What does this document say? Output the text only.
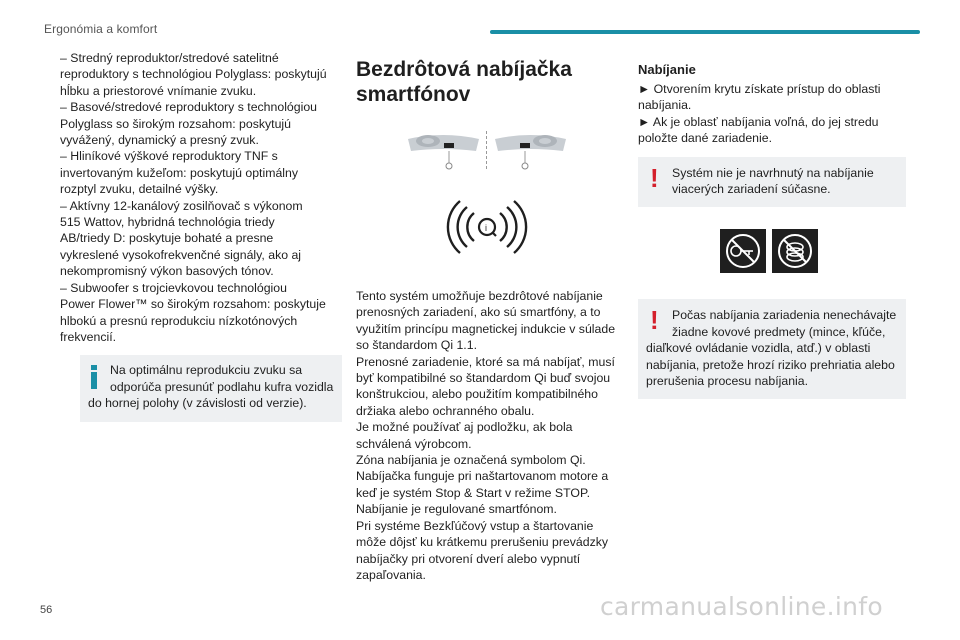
Ergonómia a komfort

– Stredný reproduktor/stredové satelitné
reproduktory s technológiou Polyglass: poskytujú
hĺbku a priestorové vnímanie zvuku.
– Basové/stredové reproduktory s technológiou
Polyglass so širokým rozsahom: poskytujú
vyvážený, dynamický a presný zvuk.
– Hliníkové výškové reproduktory TNF s
invertovaným kužeľom: poskytujú optimálny
rozptyl zvuku, detailné výšky.
– Aktívny 12-kanálový zosilňovač s výkonom
515 Wattov, hybridná technológia triedy
AB/triedy D: poskytuje bohaté a presne
vykreslené vysokofrekvenčné signály, ako aj
nekompromisný výkon basových tónov.
– Subwoofer s trojcievkovou technológiou
Power Flower™ so širokým rozsahom: poskytuje
hlbokú a presnú reprodukciu nízkotónových
frekvencií.

Na optimálnu reprodukciu zvuku sa
odporúča presunúť podlahu kufra vozidla
do hornej polohy (v závislosti od verzie).
Bezdrôtová nabíjačka
smartfónov
i

Tento systém umožňuje bezdrôtové nabíjanie
prenosných zariadení, ako sú smartfóny, a to
využitím princípu magnetickej indukcie v súlade
so štandardom Qi 1.1.
Prenosné zariadenie, ktoré sa má nabíjať, musí
byť kompatibilné so štandardom Qi buď svojou
konštrukciou, alebo použitím kompatibilného
držiaka alebo ochranného obalu.
Je možné používať aj podložku, ak bola
schválená výrobcom.
Zóna nabíjania je označená symbolom Qi.
Nabíjačka funguje pri naštartovanom motore a
keď je systém Stop & Start v režime STOP.
Nabíjanie je regulované smartfónom.
Pri systéme Bezkľúčový vstup a štartovanie
môže dôjsť ku krátkemu prerušeniu prevádzky
nabíjačky pri otvorení dverí alebo vypnutí
zapaľovania.

Nabíjanie

► Otvorením krytu získate prístup do oblasti
nabíjania.
► Ak je oblasť nabíjania voľná, do jej stredu
položte dané zariadenie.

!	Systém nie je navrhnutý na nabíjanie
viacerých zariadení súčasne.
!	Počas nabíjania zariadenia nenechávajte
žiadne kovové predmety (mince, kľúče,
diaľkové ovládanie vozidla, atď.) v oblasti
nabíjania, pretože hrozí riziko prehriatia alebo
prerušenia procesu nabíjania.
56	carmanualsonline.info
